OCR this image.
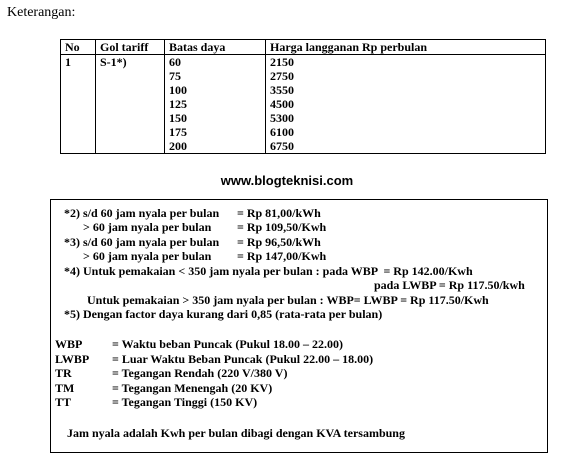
Keterangan:
No	Gol tariff	Batas daya	Harga langganan Rp perbulan
1	S-1*)	60	2150
		75	2750
		100	3550
		125	4500
		150	5300
		175	6100
		200	6750
www.blogteknisi.com
*2) s/d 60 jam nyala per bulan = Rp 81,00/kWh
> 60 jam nyala per bulan = Rp 109,50/Kwh
*3) s/d 60 jam nyala per bulan = Rp 96,50/kWh
> 60 jam nyala per bulan = Rp 147,00/Kwh
*4) Untuk pemakaian < 350 jam nyala per bulan : pada WBP  = Rp 142.00/Kwh
pada LWBP = Rp 117.50/kwh
Untuk pemakaian > 350 jam nyala per bulan : WBP= LWBP = Rp 117.50/Kwh
*5) Dengan factor daya kurang dari 0,85 (rata-rata per bulan)
WBP = Waktu beban Puncak (Pukul 18.00 – 22.00)
LWBP = Luar Waktu Beban Puncak (Pukul 22.00 – 18.00)
TR	= Tegangan Rendah (220 V/380 V)
TM	= Tegangan Menengah (20 KV)
TT	= Tegangan Tinggi (150 KV)
Jam nyala adalah Kwh per bulan dibagi dengan KVA tersambung
